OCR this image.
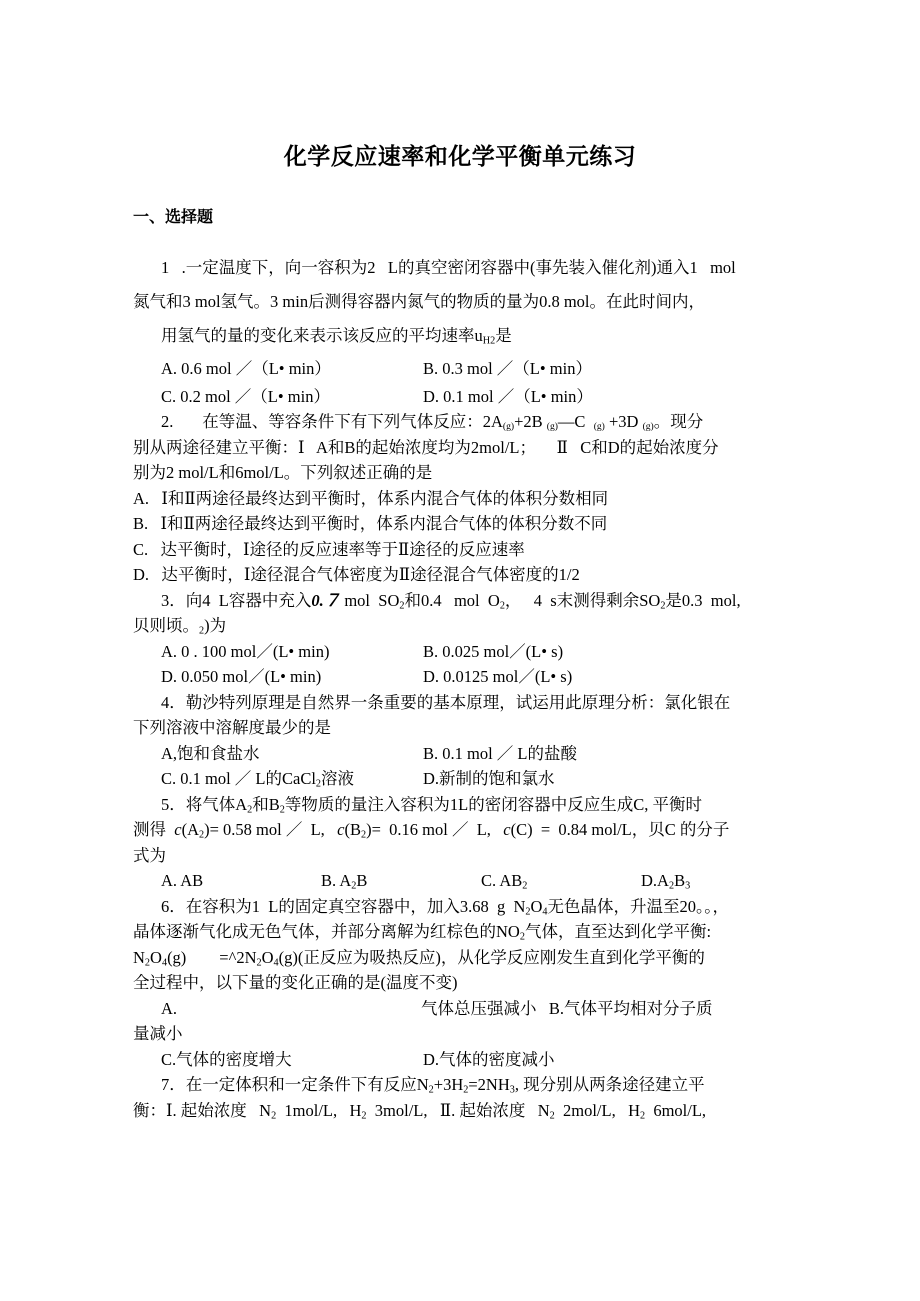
化学反应速率和化学平衡单元练习
一、选择题
1   .一定温度下，向一容积为2   L的真空密闭容器中(事先装入催化剂)通入1   mol
氮气和3 mol氢气。3 min后测得容器内氮气的物质的量为0.8 mol。在此时间内，
用氢气的量的变化来表示该反应的平均速率$u_{H2}$是
A. 0.6 mol ／（L• min）	B. 0.3 mol ／（L• min）
C. 0.2 mol ／（L• min）	D. 0.1 mol ／（L• min）
2.       在等温、等容条件下有下列气体反应：2A(g)+2B (g)—C  (g) +3D (g)。现分
别从两途径建立平衡：Ⅰ   A和B的起始浓度均为2mol/L；     Ⅱ   C和D的起始浓度分
别为2 mol/L和6mol/L。下列叙述正确的是
A.   Ⅰ和Ⅱ两途径最终达到平衡时，体系内混合气体的体积分数相同
B.   Ⅰ和Ⅱ两途径最终达到平衡时，体系内混合气体的体积分数不同
C.   达平衡时，Ⅰ途径的反应速率等于Ⅱ途径的反应速率
D.   达平衡时，Ⅰ途径混合气体密度为Ⅱ途径混合气体密度的1/2
3．向4  L容器中充入0.７ mol  $SO_2$和0.4   mol  $O_2$，   4  s末测得剩余$SO_2$是0.3  mol,
贝则顷。$_2$)为
A. 0 . 100 mol／(L• min)	B. 0.025 mol／(L• s)
D. 0.050 mol／(L• min)	D. 0.0125 mol／(L• s)
4．勒沙特列原理是自然界一条重要的基本原理，试运用此原理分析：氯化银在
下列溶液中溶解度最少的是
A,饱和食盐水	B. 0.1 mol ／ L的盐酸
C. 0.1 mol ／ L的CaCl$_2$溶液	D.新制的饱和氯水
5．将气体$A_2$和$B_2$等物质的量注入容积为1L的密闭容器中反应生成C, 平衡时
测得  $c(A_2)= 0.58$ mol ／  L,   $c(B_2)= 0.16$ mol ／  L,   c(C)  =  0.84 mol/L，贝C 的分子
式为
A. AB	B. $A_2B$	C. $AB_2$	$D.A_2B_3$
6．在容积为1  L的固定真空容器中，加入3.68  g  $N_2O_4$无色晶体，升温至20。。，
晶体逐渐气化成无色气体，并部分离解为红棕色的$NO_2$气体，直至达到化学平衡:
$N_2O_4(g)$        $=\^{}2N_2O_4(g)$(正反应为吸热反应)，从化学反应刚发生直到化学平衡的
全过程中，以下量的变化正确的是(温度不变)
A.	气体总压强减小 B.气体平均相对分子质
量减小
C.气体的密度增大	D.气体的密度减小
7．在一定体积和一定条件下有反应$N_2+3H_2=2NH_3$, 现分别从两条途径建立平
衡：Ⅰ. 起始浓度   $N_2$  1mol/L,   $H_2$  3mol/L,   Ⅱ. 起始浓度   $N_2$  2mol/L,   $H_2$  6mol/L,
